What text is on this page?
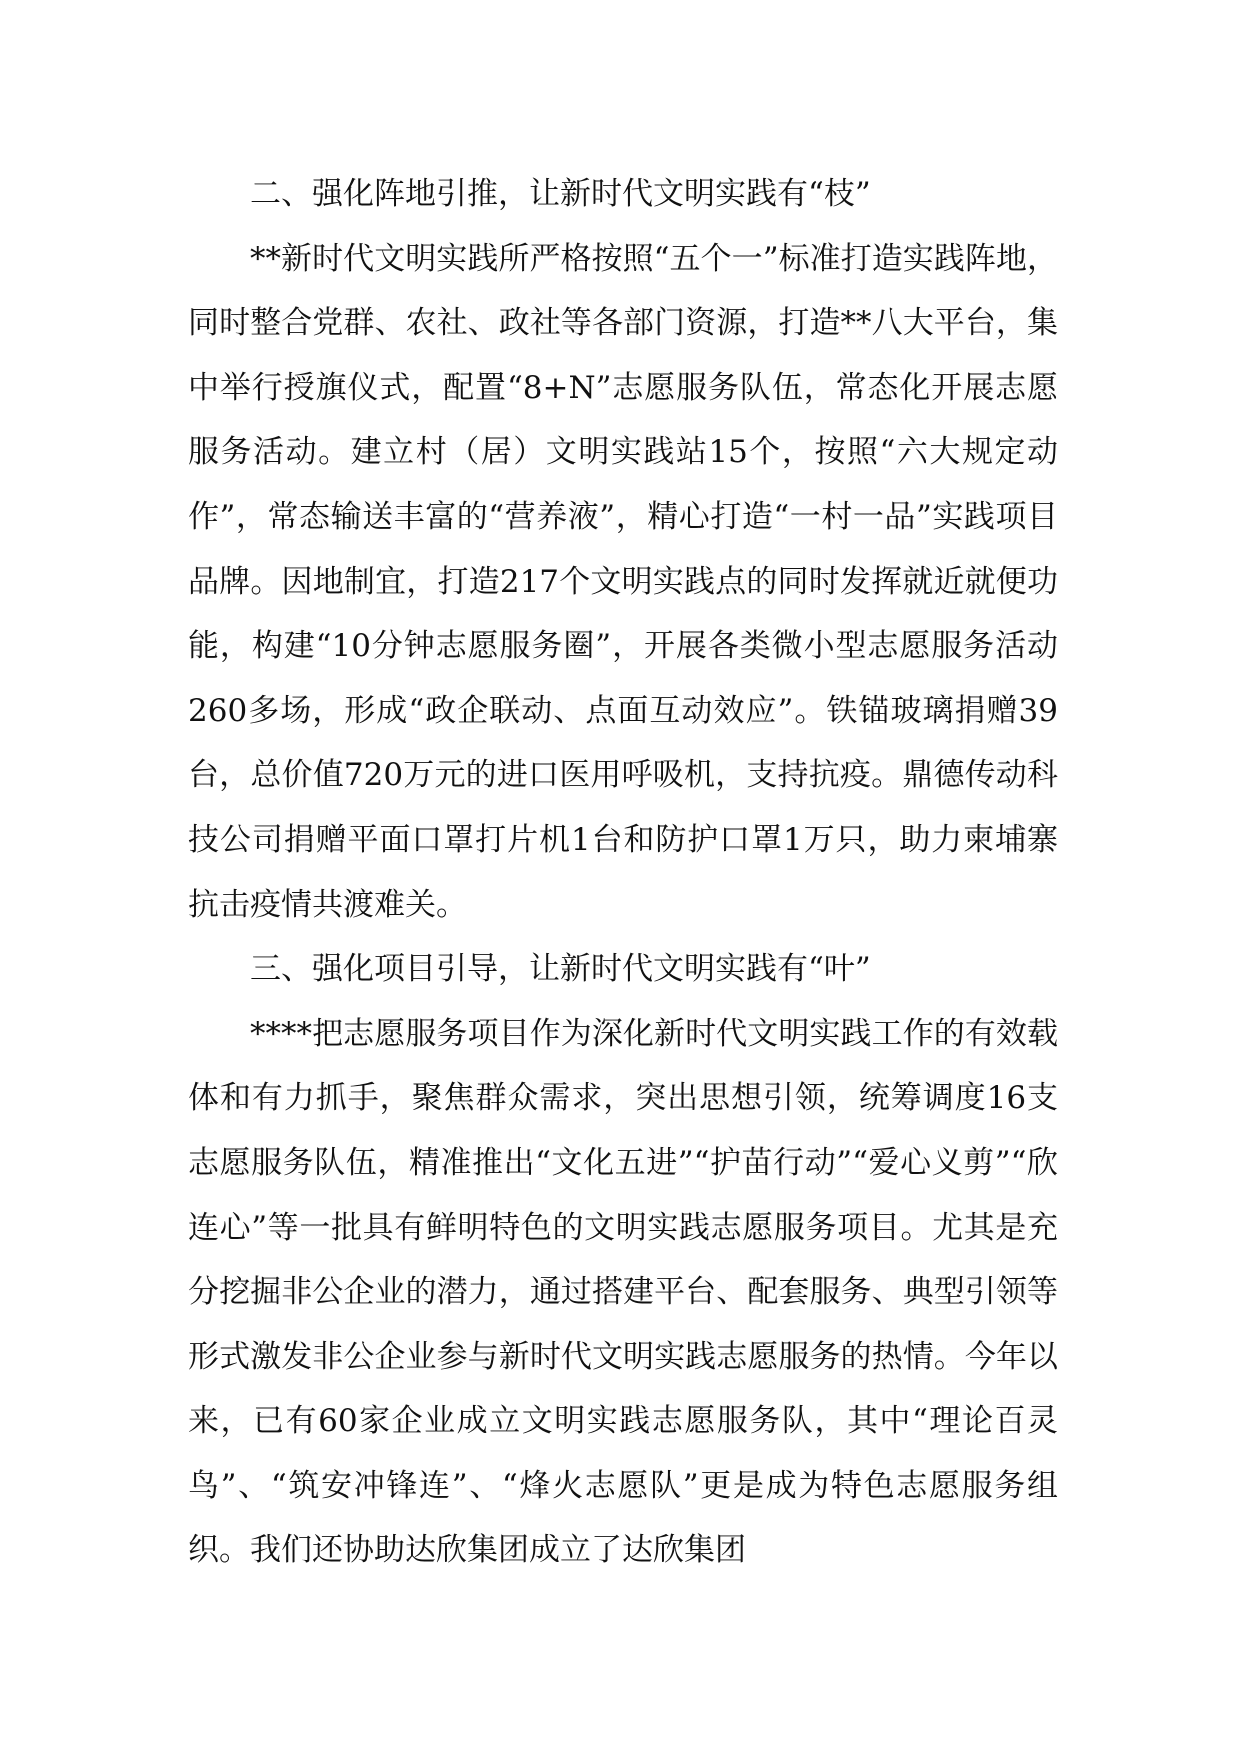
二、强化阵地引推，让新时代文明实践有“枝”

**新时代文明实践所严格按照“五个一”标准打造实践阵地，同时整合党群、农社、政社等各部门资源，打造**八大平台，集中举行授旗仪式，配置“8+N”志愿服务队伍，常态化开展志愿服务活动。建立村（居）文明实践站15个，按照“六大规定动作”，常态输送丰富的“营养液”，精心打造“一村一品”实践项目品牌。因地制宜，打造217个文明实践点的同时发挥就近就便功能，构建“10分钟志愿服务圈”，开展各类微小型志愿服务活动260多场，形成“政企联动、点面互动效应”。铁锚玻璃捐赠39台，总价值720万元的进口医用呼吸机，支持抗疫。鼎德传动科技公司捐赠平面口罩打片机1台和防护口罩1万只，助力柬埔寨抗击疫情共渡难关。

三、强化项目引导，让新时代文明实践有“叶”

****把志愿服务项目作为深化新时代文明实践工作的有效载体和有力抓手，聚焦群众需求，突出思想引领，统筹调度16支志愿服务队伍，精准推出“文化五进”“护苗行动”“爱心义剪”“欣连心”等一批具有鲜明特色的文明实践志愿服务项目。尤其是充分挖掘非公企业的潜力，通过搭建平台、配套服务、典型引领等形式激发非公企业参与新时代文明实践志愿服务的热情。今年以来，已有60家企业成立文明实践志愿服务队，其中“理论百灵鸟”、“筑安冲锋连”、“烽火志愿队”更是成为特色志愿服务组织。我们还协助达欣集团成立了达欣集团
